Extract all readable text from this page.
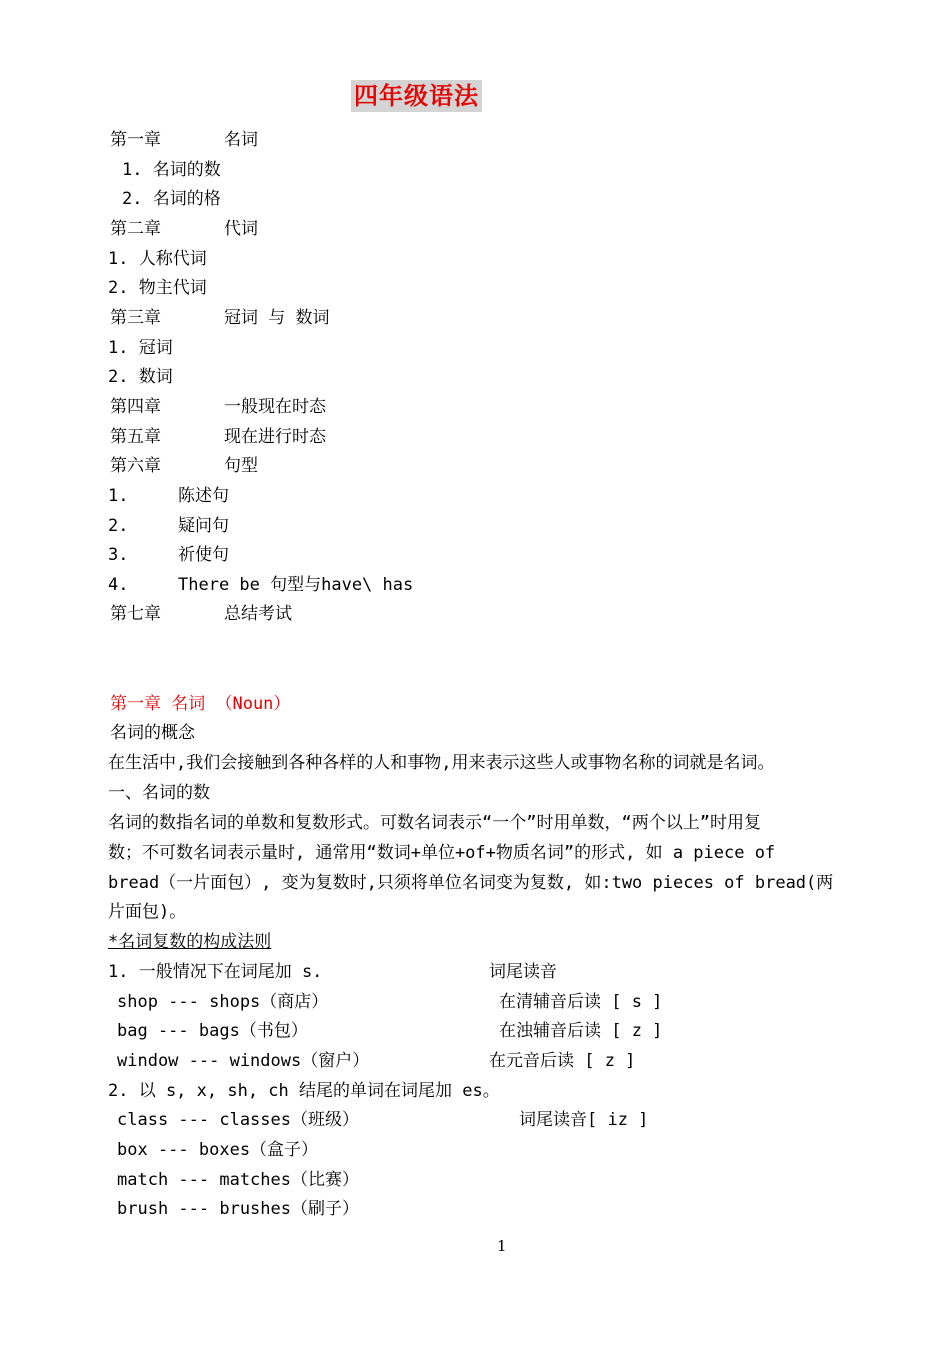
四年级语法
第一章	名词
1. 名词的数
2. 名词的格
第二章	代词
1. 人称代词
2. 物主代词
第三章	冠词 与 数词
1. 冠词
2. 数词
第四章	一般现在时态
第五章	现在进行时态
第六章	句型
1.	陈述句
2.	疑问句
3.	祈使句
4.	There be 句型与have\ has
第七章	总结考试
第一章 名词 （Noun）
名词的概念
在生活中,我们会接触到各种各样的人和事物,用来表示这些人或事物名称的词就是名词。
一、名词的数
名词的数指名词的单数和复数形式。可数名词表示“一个”时用单数，“两个以上”时用复
数；不可数名词表示量时, 通常用“数词+单位+of+物质名词”的形式, 如 a piece of
bread（一片面包）, 变为复数时,只须将单位名词变为复数, 如:two pieces of bread(两
片面包)。
*名词复数的构成法则
1. 一般情况下在词尾加 s.	词尾读音
shop --- shops（商店）	在清辅音后读 [ s ]
bag --- bags（书包）	在浊辅音后读 [ z ]
window --- windows（窗户）	在元音后读 [ z ]
2. 以 s, x, sh, ch 结尾的单词在词尾加 es。
class --- classes（班级）	词尾读音[ iz ]
box --- boxes（盒子）
match --- matches（比赛）
brush --- brushes（刷子）
1
